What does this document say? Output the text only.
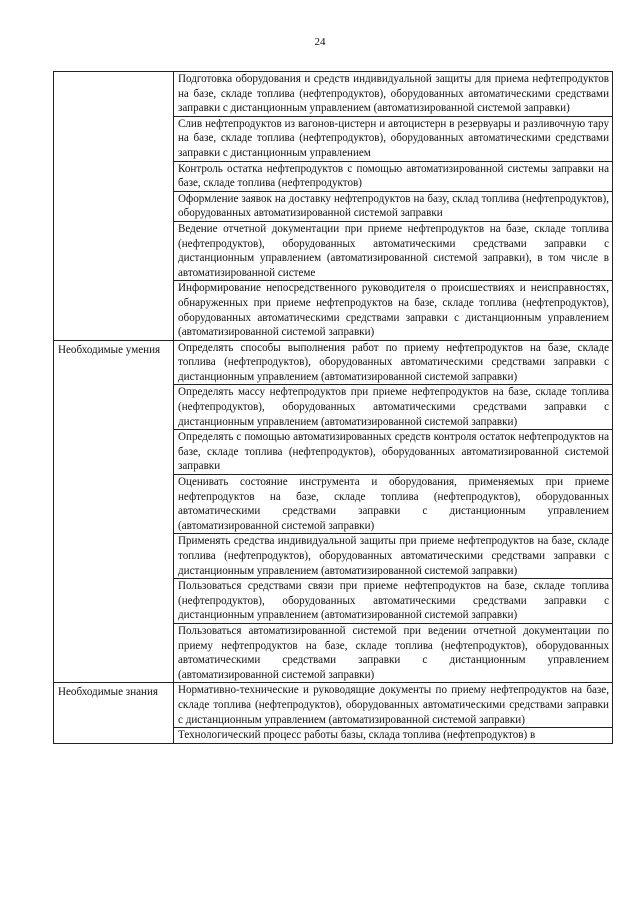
24
	Подготовка оборудования и средств индивидуальной защиты для приема нефтепродуктов на базе, складе топлива (нефтепродуктов), оборудованных автоматическими средствами заправки с дистанционным управлением (автоматизированной системой заправки)
	Слив нефтепродуктов из вагонов-цистерн и автоцистерн в резервуары и разливочную тару на базе, складе топлива (нефтепродуктов), оборудованных автоматическими средствами заправки с дистанционным управлением
	Контроль остатка нефтепродуктов с помощью автоматизированной системы заправки на базе, складе топлива (нефтепродуктов)
	Оформление заявок на доставку нефтепродуктов на базу, склад топлива (нефтепродуктов), оборудованных автоматизированной системой заправки
	Ведение отчетной документации при приеме нефтепродуктов на базе, складе топлива (нефтепродуктов), оборудованных автоматическими средствами заправки с дистанционным управлением (автоматизированной системой заправки), в том числе в автоматизированной системе
	Информирование непосредственного руководителя о происшествиях и неисправностях, обнаруженных при приеме нефтепродуктов на базе, складе топлива (нефтепродуктов), оборудованных автоматическими средствами заправки с дистанционным управлением (автоматизированной системой заправки)

Необходимые умения	Определять способы выполнения работ по приему нефтепродуктов на базе, складе топлива (нефтепродуктов), оборудованных автоматическими средствами заправки с дистанционным управлением (автоматизированной системой заправки)
	Определять массу нефтепродуктов при приеме нефтепродуктов на базе, складе топлива (нефтепродуктов), оборудованных автоматическими средствами заправки с дистанционным управлением (автоматизированной системой заправки)
	Определять с помощью автоматизированных средств контроля остаток нефтепродуктов на базе, складе топлива (нефтепродуктов), оборудованных автоматизированной системой заправки
	Оценивать состояние инструмента и оборудования, применяемых при приеме нефтепродуктов на базе, складе топлива (нефтепродуктов), оборудованных автоматическими средствами заправки с дистанционным управлением (автоматизированной системой заправки)
	Применять средства индивидуальной защиты при приеме нефтепродуктов на базе, складе топлива (нефтепродуктов), оборудованных автоматическими средствами заправки с дистанционным управлением (автоматизированной системой заправки)
	Пользоваться средствами связи при приеме нефтепродуктов на базе, складе топлива (нефтепродуктов), оборудованных автоматическими средствами заправки с дистанционным управлением (автоматизированной системой заправки)
	Пользоваться автоматизированной системой при ведении отчетной документации по приему нефтепродуктов на базе, складе топлива (нефтепродуктов), оборудованных автоматическими средствами заправки с дистанционным управлением (автоматизированной системой заправки)

Необходимые знания	Нормативно-технические и руководящие документы по приему нефтепродуктов на базе, складе топлива (нефтепродуктов), оборудованных автоматическими средствами заправки с дистанционным управлением (автоматизированной системой заправки)
	Технологический процесс работы базы, склада топлива (нефтепродуктов) в
